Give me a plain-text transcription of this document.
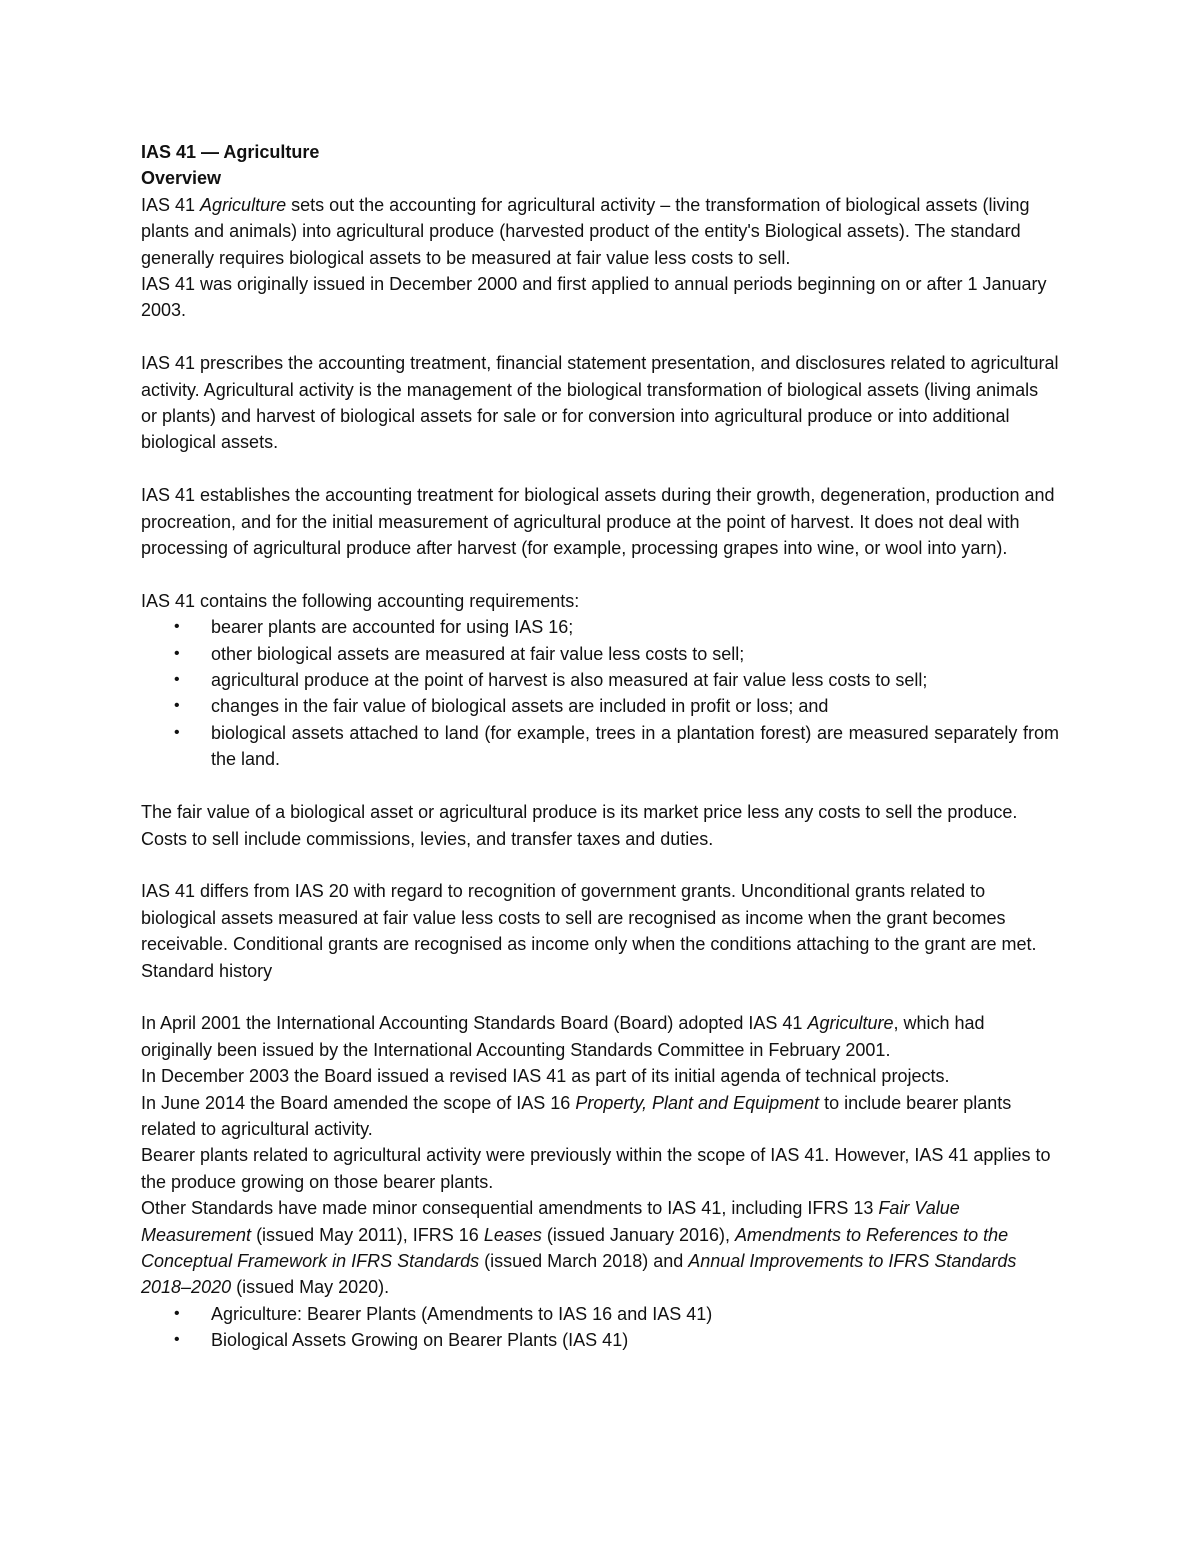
IAS 41 — Agriculture
Overview

IAS 41 Agriculture sets out the accounting for agricultural activity – the transformation of biological assets (living plants and animals) into agricultural produce (harvested product of the entity's Biological assets). The standard generally requires biological assets to be measured at fair value less costs to sell.

IAS 41 was originally issued in December 2000 and first applied to annual periods beginning on or after 1 January 2003.

IAS 41 prescribes the accounting treatment, financial statement presentation, and disclosures related to agricultural activity. Agricultural activity is the management of the biological transformation of biological assets (living animals or plants) and harvest of biological assets for sale or for conversion into agricultural produce or into additional biological assets.

IAS 41 establishes the accounting treatment for biological assets during their growth, degeneration, production and procreation, and for the initial measurement of agricultural produce at the point of harvest. It does not deal with processing of agricultural produce after harvest (for example, processing grapes into wine, or wool into yarn).

IAS 41 contains the following accounting requirements:

• bearer plants are accounted for using IAS 16;
• other biological assets are measured at fair value less costs to sell;
• agricultural produce at the point of harvest is also measured at fair value less costs to sell;
• changes in the fair value of biological assets are included in profit or loss; and
• biological assets attached to land (for example, trees in a plantation forest) are measured separately from the land.

The fair value of a biological asset or agricultural produce is its market price less any costs to sell the produce. Costs to sell include commissions, levies, and transfer taxes and duties.

IAS 41 differs from IAS 20 with regard to recognition of government grants. Unconditional grants related to biological assets measured at fair value less costs to sell are recognised as income when the grant becomes receivable. Conditional grants are recognised as income only when the conditions attaching to the grant are met.

Standard history

In April 2001 the International Accounting Standards Board (Board) adopted IAS 41 Agriculture, which had originally been issued by the International Accounting Standards Committee in February 2001.

In December 2003 the Board issued a revised IAS 41 as part of its initial agenda of technical projects.

In June 2014 the Board amended the scope of IAS 16 Property, Plant and Equipment to include bearer plants related to agricultural activity.

Bearer plants related to agricultural activity were previously within the scope of IAS 41. However, IAS 41 applies to the produce growing on those bearer plants.

Other Standards have made minor consequential amendments to IAS 41, including IFRS 13 Fair Value Measurement (issued May 2011), IFRS 16 Leases (issued January 2016), Amendments to References to the Conceptual Framework in IFRS Standards (issued March 2018) and Annual Improvements to IFRS Standards 2018–2020 (issued May 2020).

• Agriculture: Bearer Plants (Amendments to IAS 16 and IAS 41)
• Biological Assets Growing on Bearer Plants (IAS 41)
